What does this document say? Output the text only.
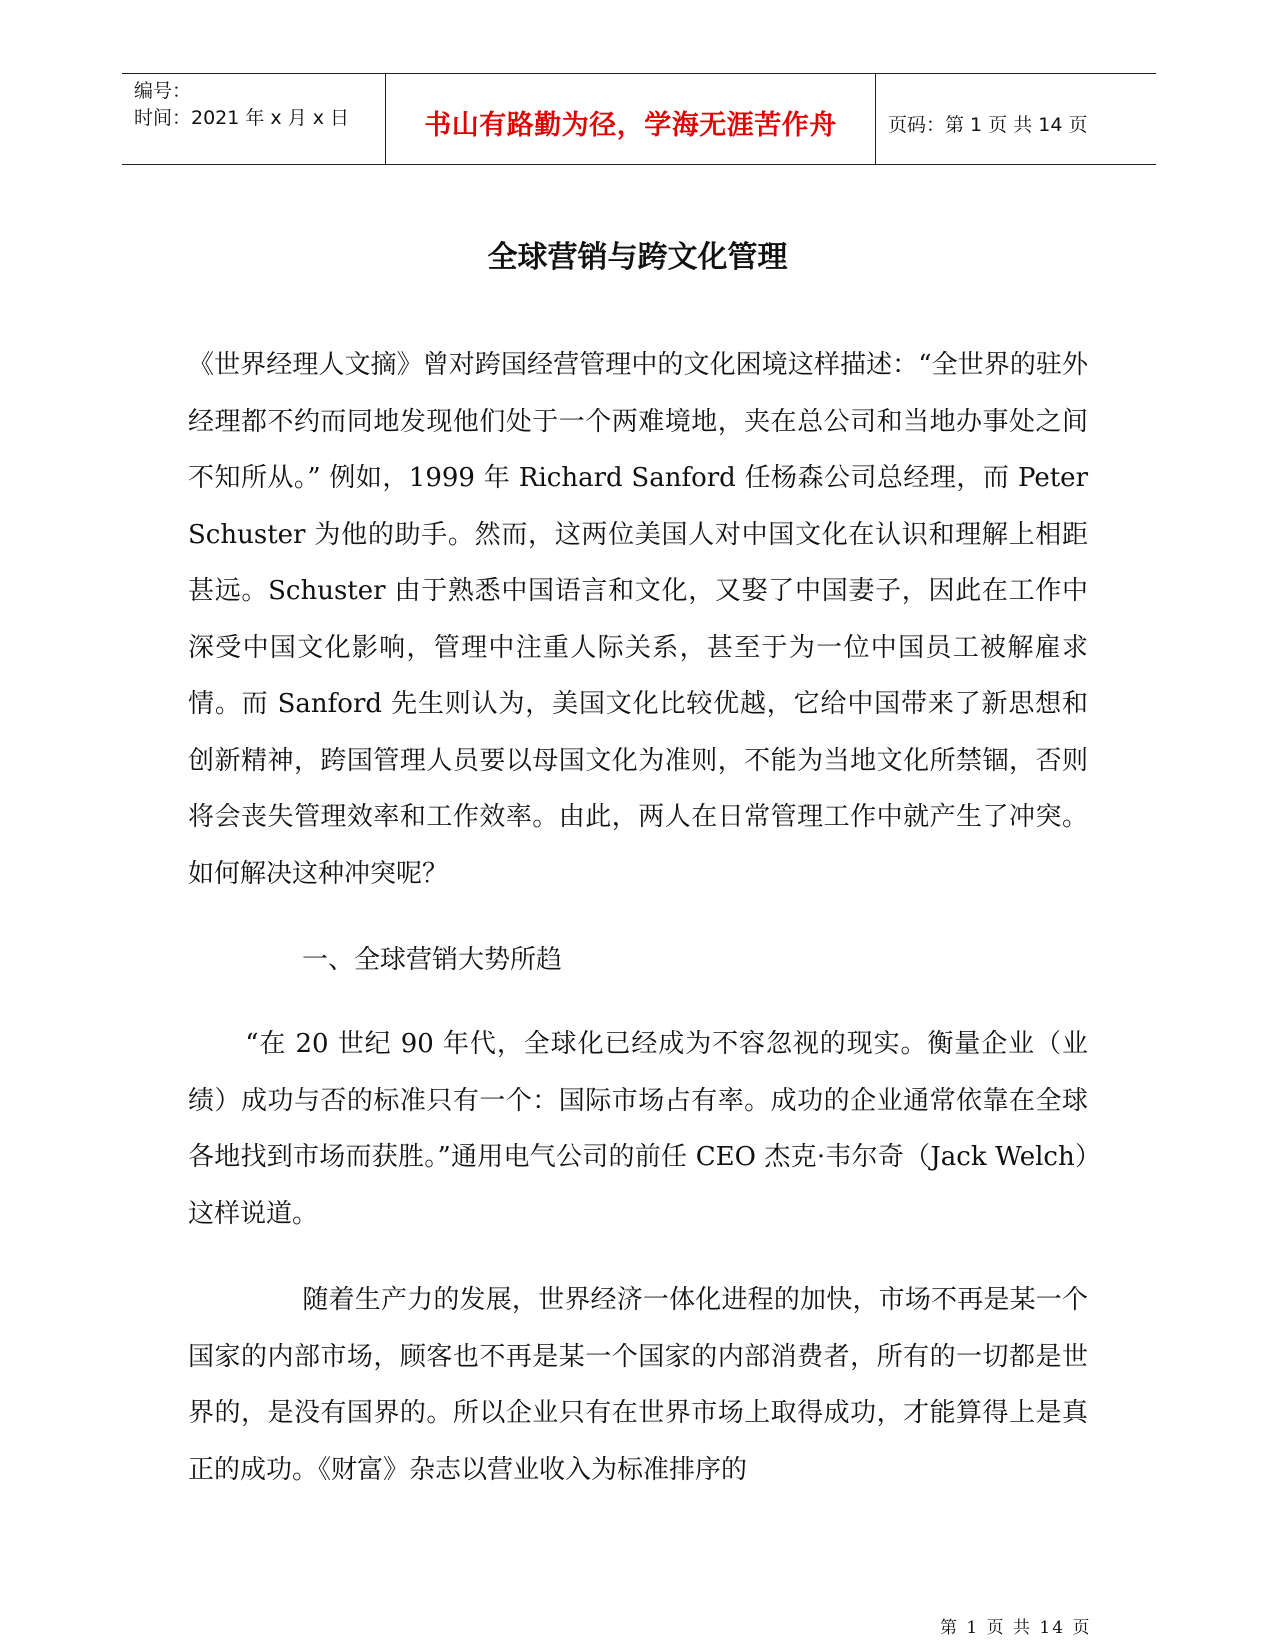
编号：
时间：2021 年 x 月 x 日	书山有路勤为径，学海无涯苦作舟	页码：第 1 页 共 14 页
全球营销与跨文化管理

《世界经理人文摘》曾对跨国经营管理中的文化困境这样描述：“全世界的驻外经理都不约而同地发现他们处于一个两难境地，夹在总公司和当地办事处之间不知所从。” 例如，1999 年 Richard Sanford 任杨森公司总经理，而 Peter Schuster 为他的助手。然而，这两位美国人对中国文化在认识和理解上相距甚远。Schuster 由于熟悉中国语言和文化，又娶了中国妻子，因此在工作中深受中国文化影响，管理中注重人际关系，甚至于为一位中国员工被解雇求情。而 Sanford 先生则认为，美国文化比较优越，它给中国带来了新思想和创新精神，跨国管理人员要以母国文化为准则，不能为当地文化所禁锢，否则将会丧失管理效率和工作效率。由此，两人在日常管理工作中就产生了冲突。如何解决这种冲突呢？

一、全球营销大势所趋

“在 20 世纪 90 年代，全球化已经成为不容忽视的现实。衡量企业（业绩）成功与否的标准只有一个：国际市场占有率。成功的企业通常依靠在全球各地找到市场而获胜。”通用电气公司的前任 CEO 杰克·韦尔奇（Jack Welch）这样说道。

随着生产力的发展，世界经济一体化进程的加快，市场不再是某一个国家的内部市场，顾客也不再是某一个国家的内部消费者，所有的一切都是世界的，是没有国界的。所以企业只有在世界市场上取得成功，才能算得上是真正的成功。《财富》杂志以营业收入为标准排序的

第 1 页 共 14 页
